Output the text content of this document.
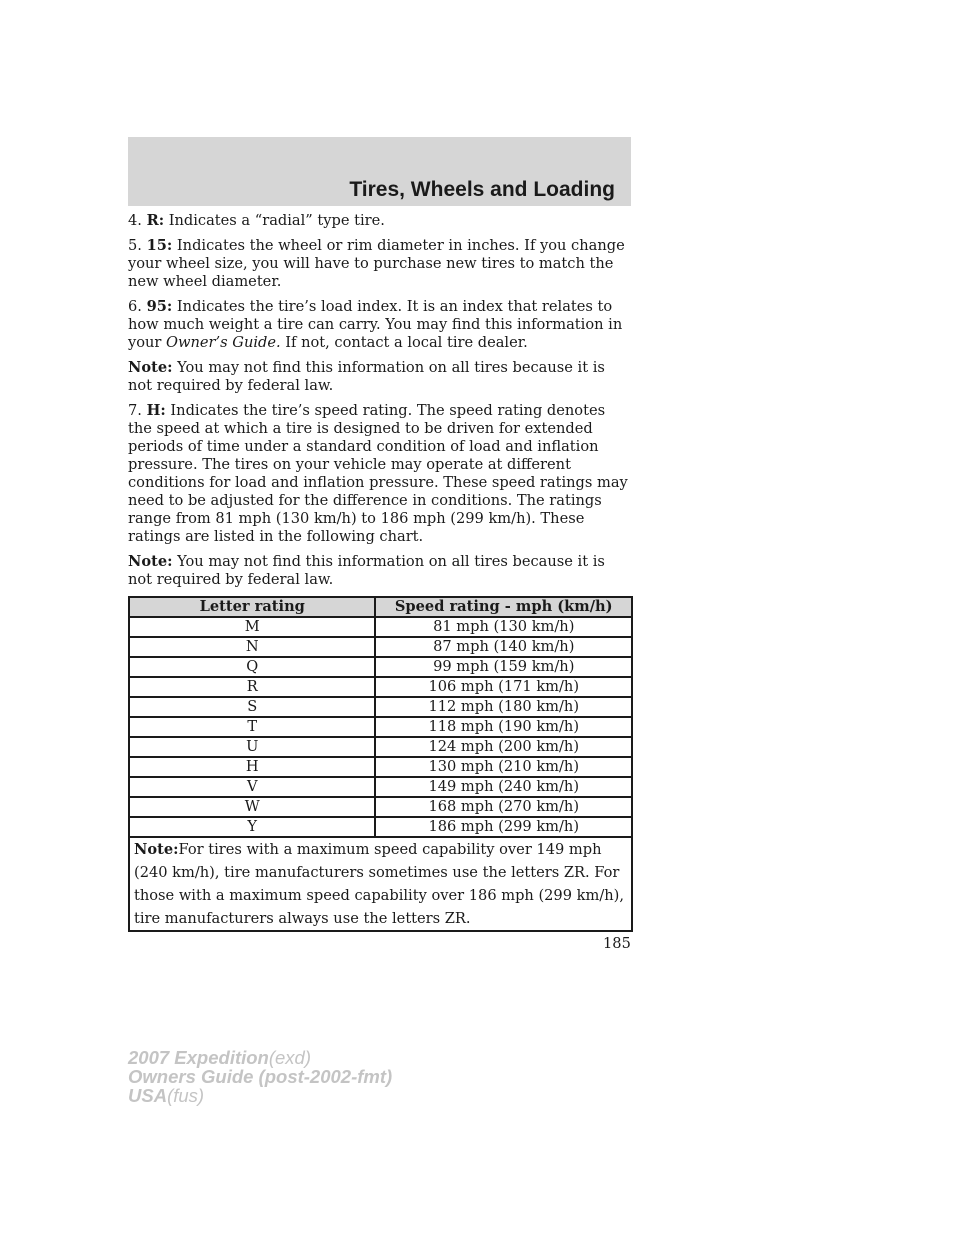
Tires, Wheels and Loading

4. R: Indicates a “radial” type tire.

5. 15: Indicates the wheel or rim diameter in inches. If you change your wheel size, you will have to purchase new tires to match the new wheel diameter.

6. 95: Indicates the tire’s load index. It is an index that relates to how much weight a tire can carry. You may find this information in your Owner’s Guide. If not, contact a local tire dealer.

Note: You may not find this information on all tires because it is not required by federal law.

7. H: Indicates the tire’s speed rating. The speed rating denotes the speed at which a tire is designed to be driven for extended periods of time under a standard condition of load and inflation pressure. The tires on your vehicle may operate at different conditions for load and inflation pressure. These speed ratings may need to be adjusted for the difference in conditions. The ratings range from 81 mph (130 km/h) to 186 mph (299 km/h). These ratings are listed in the following chart.

Note: You may not find this information on all tires because it is not required by federal law.

Letter rating	Speed rating - mph (km/h)
M	81 mph (130 km/h)
N	87 mph (140 km/h)
Q	99 mph (159 km/h)
R	106 mph (171 km/h)
S	112 mph (180 km/h)
T	118 mph (190 km/h)
U	124 mph (200 km/h)
H	130 mph (210 km/h)
V	149 mph (240 km/h)
W	168 mph (270 km/h)
Y	186 mph (299 km/h)
Note:For tires with a maximum speed capability over 149 mph (240 km/h), tire manufacturers sometimes use the letters ZR. For those with a maximum speed capability over 186 mph (299 km/h), tire manufacturers always use the letters ZR.	
185
2007 Expedition(exd)
Owners Guide (post-2002-fmt)
USA(fus)
